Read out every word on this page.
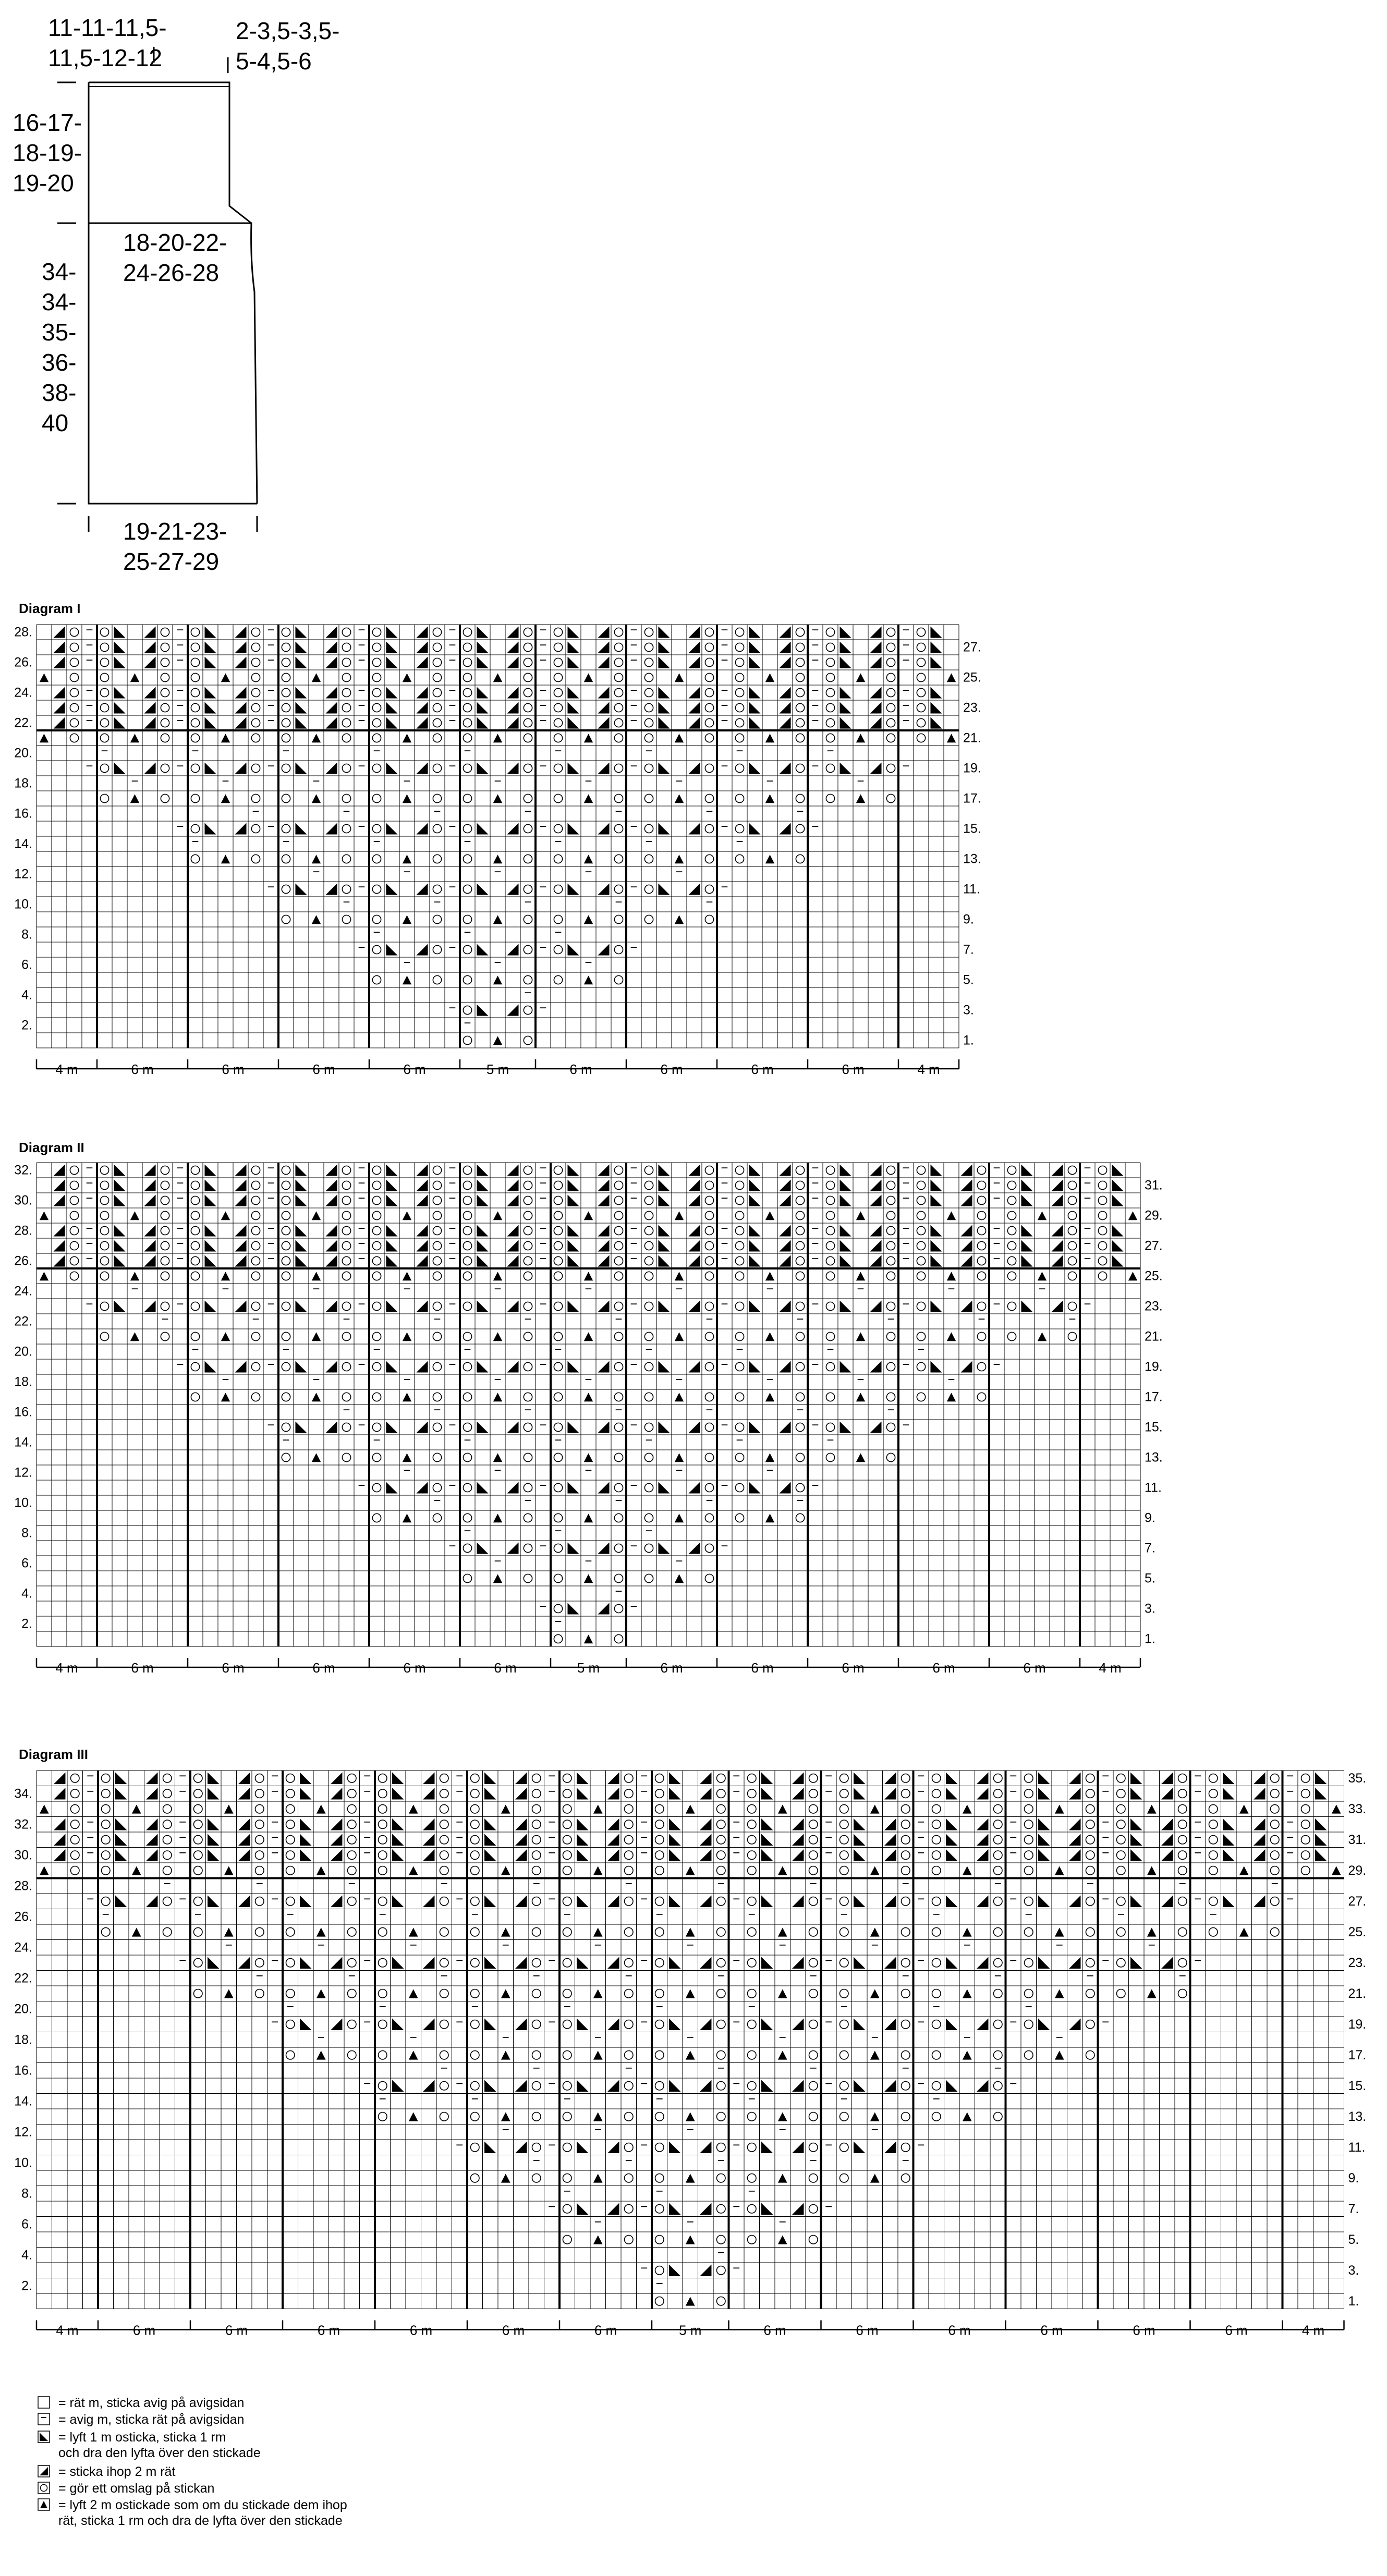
11-11-11,5-
11,5-12-12
2-3,5-3,5-
5-4,5-6
16-17-
18-19-
19-20
18-20-22-
24-26-28
34-
34-
35-
36-
38-
40
19-21-23-
25-27-29
Diagram I
Diagram II
Diagram III
28.
26.
24.
22.
20.
18.
16.
14.
12.
10.
8.
6.
4.
2.
27.
25.
23.
21.
19.
17.
15.
13.
11.
9.
7.
5.
3.
1.
4 m	6 m	6 m	6 m	6 m	5 m	6 m	6 m	6 m	6 m	4 m
32.
30.
28.
26.
24.
22.
20.
18.
16.
14.
12.
10.
8.
6.
4.
2.
31.
29.
27.
25.
23.
21.
19.
17.
15.
13.
11.
9.
7.
5.
3.
1.
4 m	6 m	6 m	6 m	6 m	6 m	5 m	6 m	6 m	6 m	6 m	6 m	4 m
34.
32.
30.
28.
26.
24.
22.
20.
18.
16.
14.
12.
10.
8.
6.
4.
2.
35.
33.
31.
29.
27.
25.
23.
21.
19.
17.
15.
13.
11.
9.
7.
5.
3.
1.
4 m	6 m	6 m	6 m	6 m	6 m	6 m	5 m	6 m	6 m	6 m	6 m	6 m	6 m	4 m

= rät m, sticka avig på avigsidan

= avig m, sticka rät på avigsidan

= lyft 1 m osticka, sticka 1 rm
och dra den lyfta över den stickade

= sticka ihop 2 m rät

= gör ett omslag på stickan

= lyft 2 m ostickade som om du stickade dem ihop
rät, sticka 1 rm och dra de lyfta över den stickade
